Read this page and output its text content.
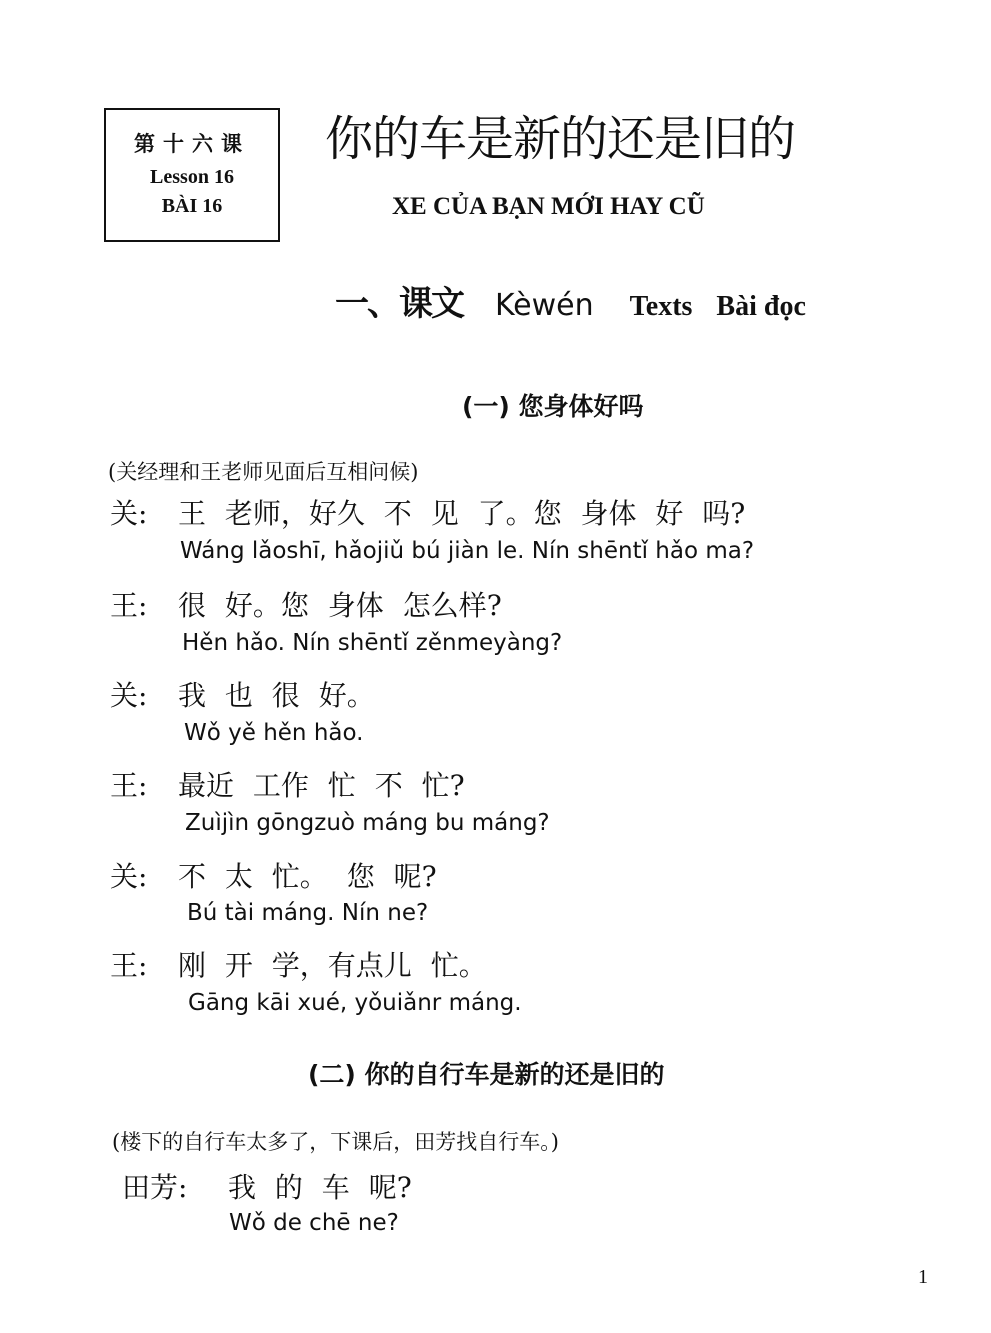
第十六课
Lesson 16
BÀI 16
你的车是新的还是旧的
XE CỦA BẠN MỚI HAY CŨ
一、课文 Kèwén Texts Bài đọc
(一) 您身体好吗
(关经理和王老师见面后互相问候)
关: 王 老师，好久 不 见 了。您 身体 好 吗?
Wáng lǎoshī, hǎojiǔ bú jiàn le. Nín shēntǐ hǎo ma?
王: 很 好。您 身体 怎么样?
Hěn hǎo. Nín shēntǐ zěnmeyàng?
关: 我 也 很 好。
Wǒ yě hěn hǎo.
王: 最近 工作 忙 不 忙?
Zuìjìn gōngzuò máng bu máng?
关: 不 太 忙。 您 呢?
Bú tài máng. Nín ne?
王: 刚 开 学，有点儿 忙。
Gāng kāi xué, yǒuiǎnr máng.
(二) 你的自行车是新的还是旧的
(楼下的自行车太多了，下课后，田芳找自行车。)
田芳: 我 的 车 呢?
Wǒ de chē ne?
1
